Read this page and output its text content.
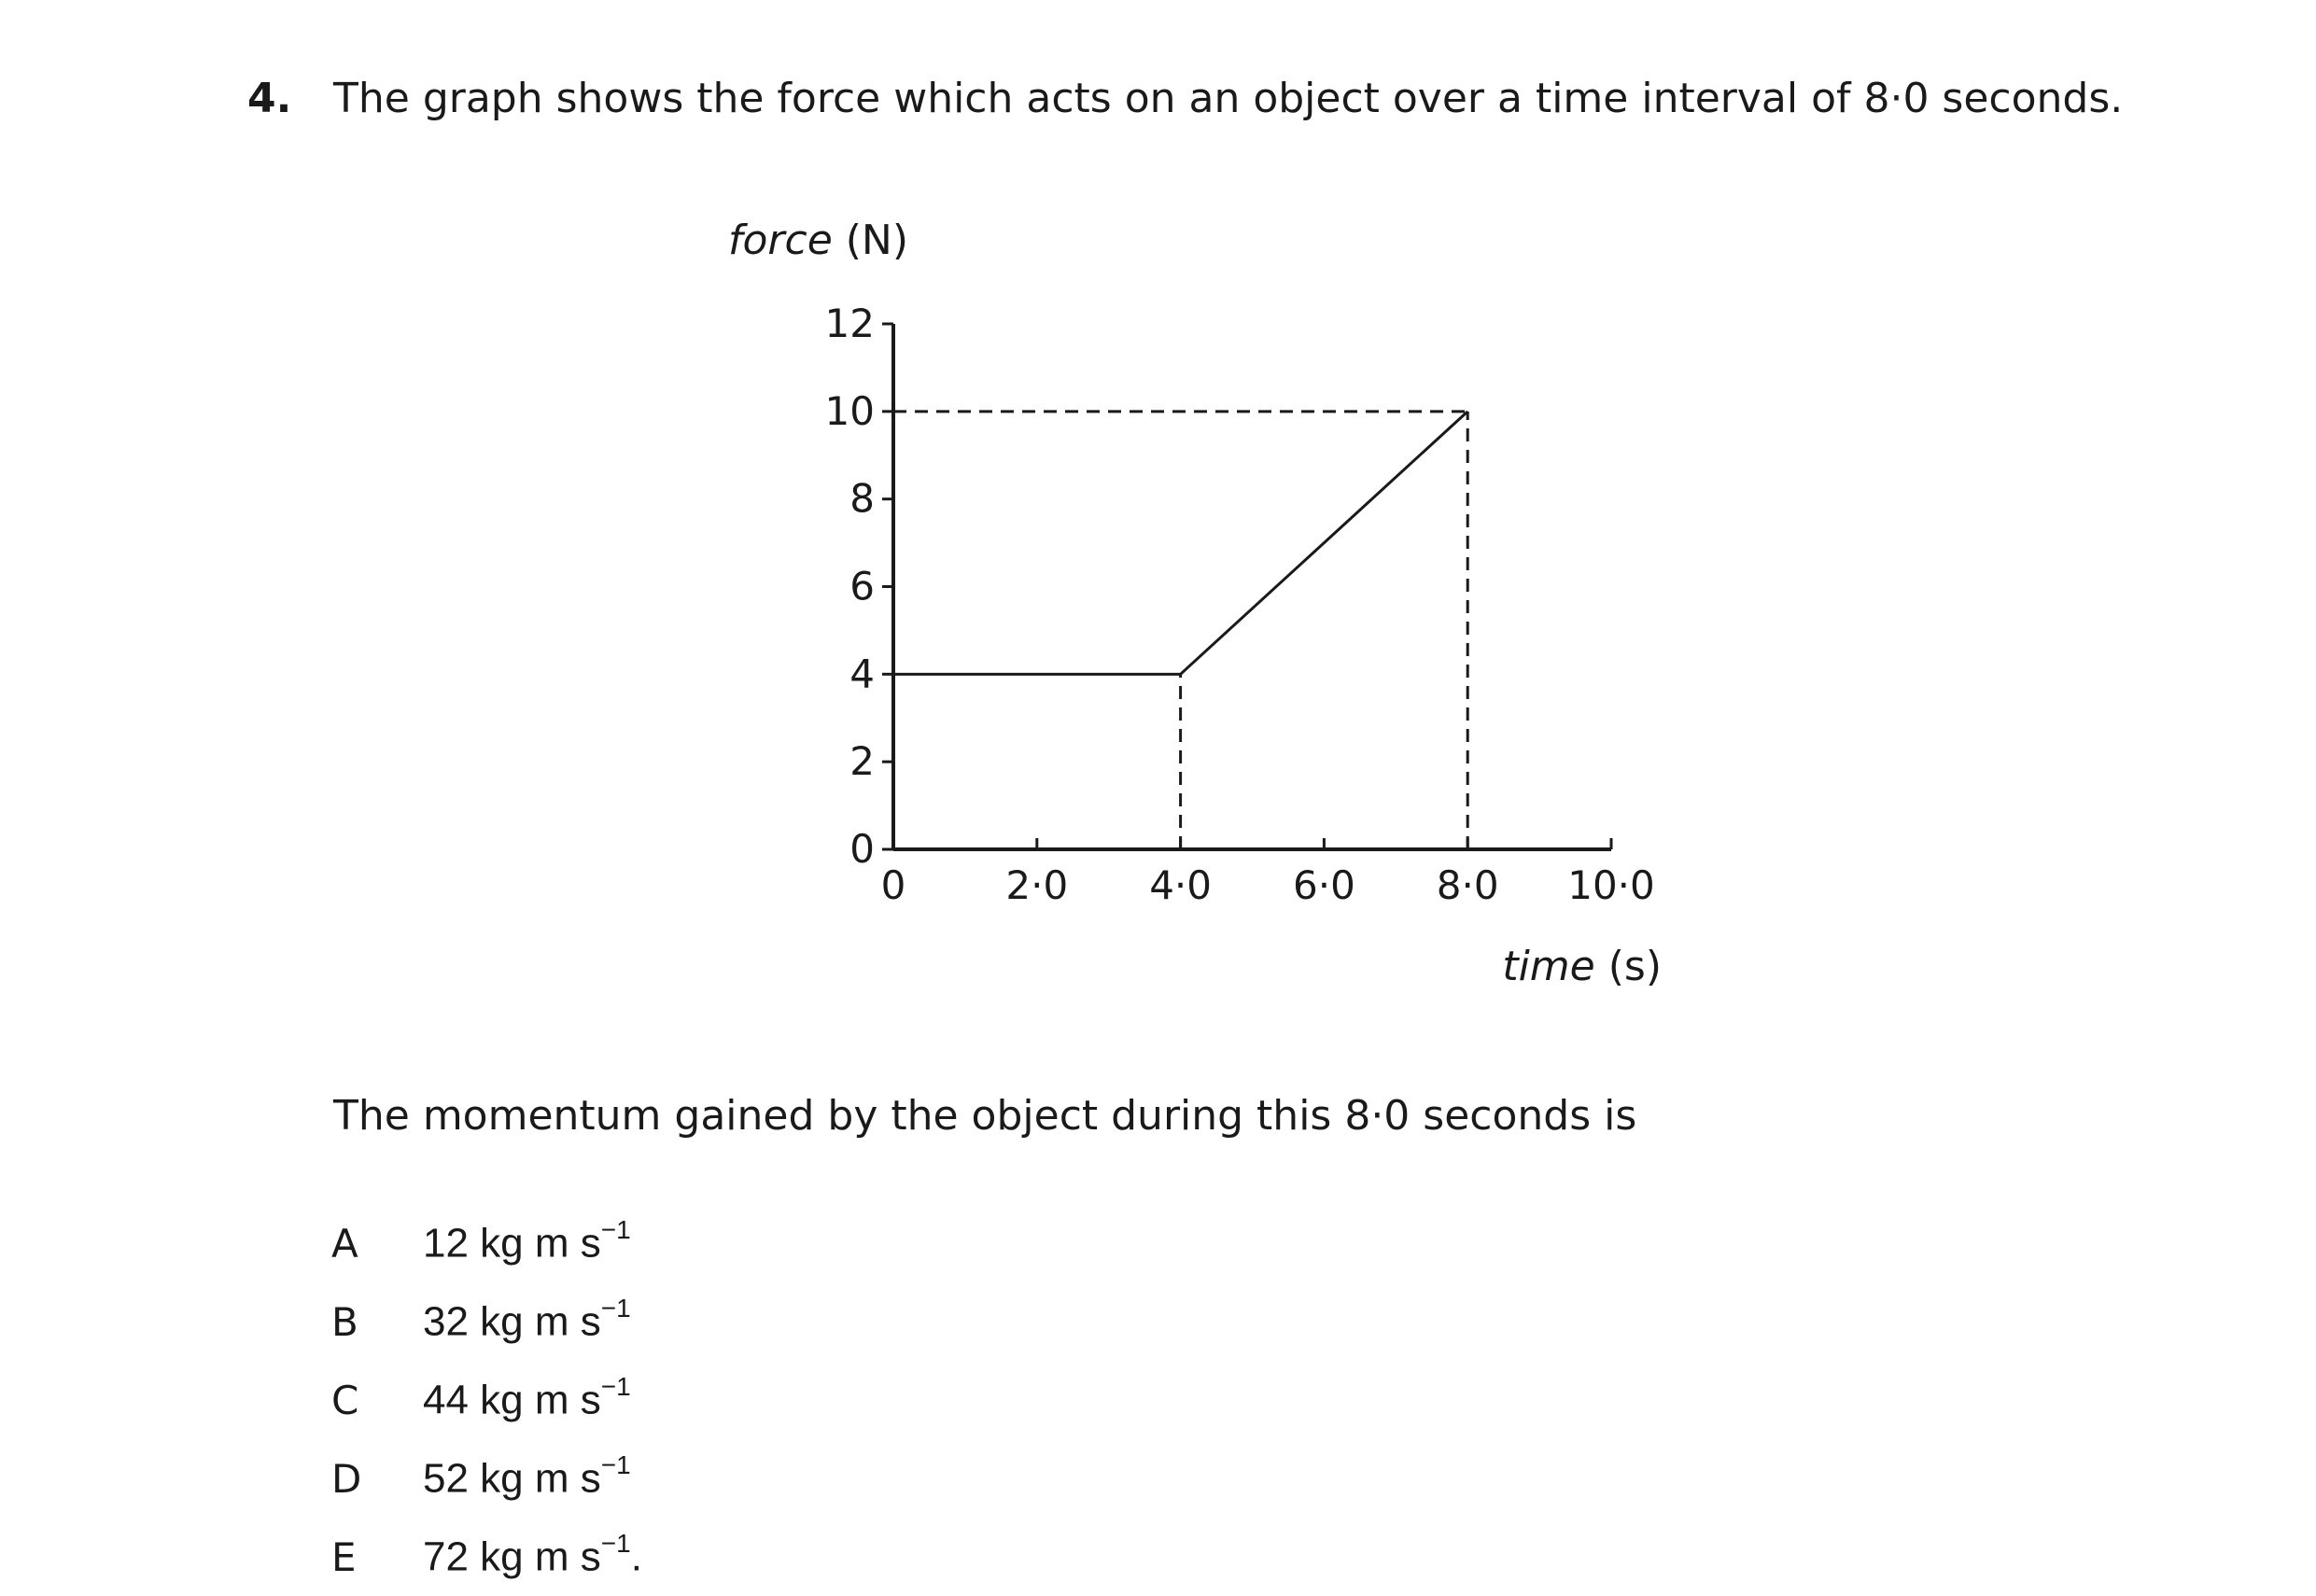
4. The graph shows the force which acts on an object over a time interval of 8·0 seconds.
force (N)
time (s)
0
2
4
6
8
10
12
0	2·0 4·0 6·0 8·0 10·0
The momentum gained by the object during this 8·0 seconds is
A	12 kg m $s^{-1}$
B	32 kg m $s^{-1}$
C	44 kg m $s^{-1}$
D	52 kg m $s^{-1}$
E	72 kg m $s^{-1}$.
